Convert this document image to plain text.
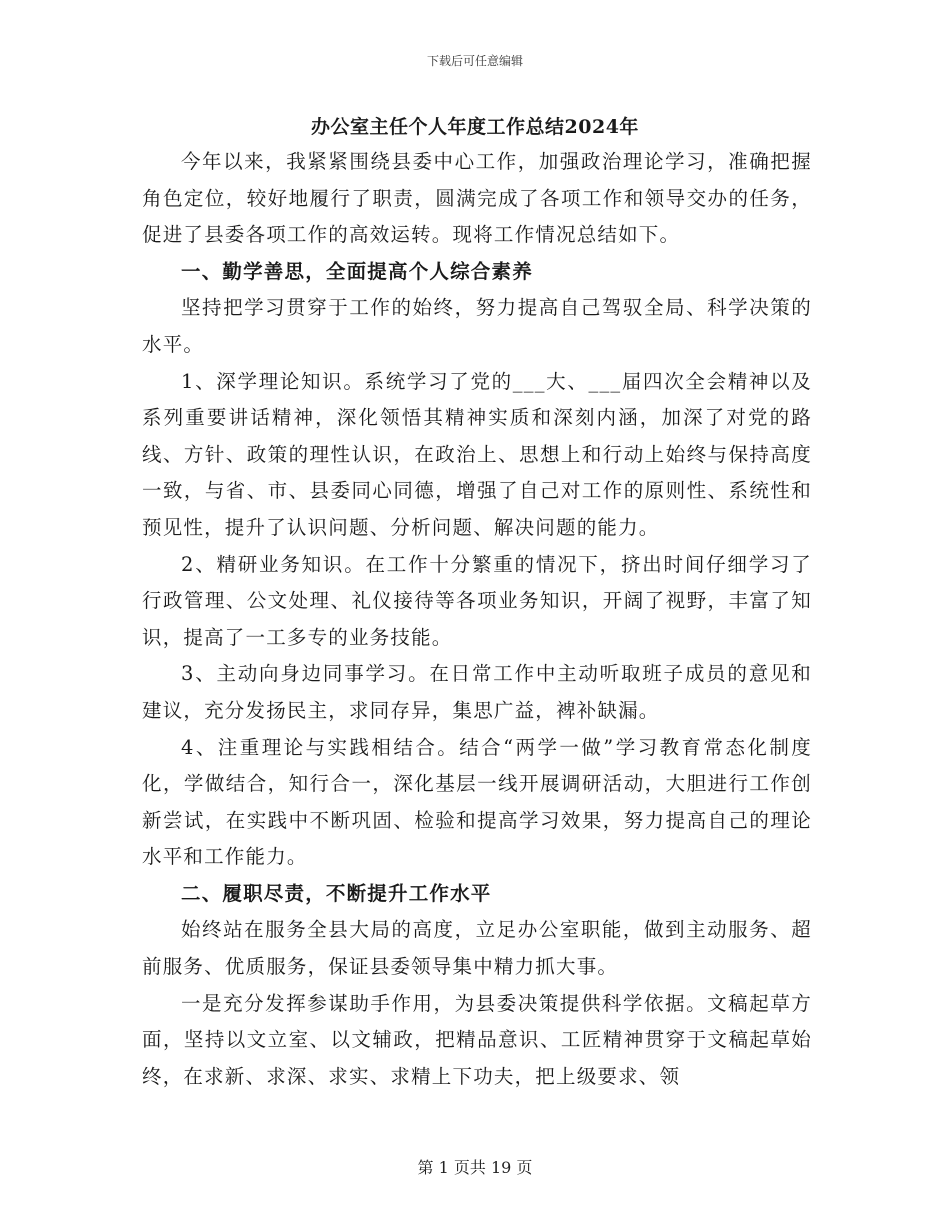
下载后可任意编辑
办公室主任个人年度工作总结2024年

今年以来，我紧紧围绕县委中心工作，加强政治理论学习，准确把握角色定位，较好地履行了职责，圆满完成了各项工作和领导交办的任务，促进了县委各项工作的高效运转。现将工作情况总结如下。

一、勤学善思，全面提高个人综合素养

坚持把学习贯穿于工作的始终，努力提高自己驾驭全局、科学决策的水平。

1、深学理论知识。系统学习了党的___大、___届四次全会精神以及系列重要讲话精神，深化领悟其精神实质和深刻内涵，加深了对党的路线、方针、政策的理性认识，在政治上、思想上和行动上始终与保持高度一致，与省、市、县委同心同德，增强了自己对工作的原则性、系统性和预见性，提升了认识问题、分析问题、解决问题的能力。

2、精研业务知识。在工作十分繁重的情况下，挤出时间仔细学习了行政管理、公文处理、礼仪接待等各项业务知识，开阔了视野，丰富了知识，提高了一工多专的业务技能。

3、主动向身边同事学习。在日常工作中主动听取班子成员的意见和建议，充分发扬民主，求同存异，集思广益，裨补缺漏。

4、注重理论与实践相结合。结合“两学一做”学习教育常态化制度化，学做结合，知行合一，深化基层一线开展调研活动，大胆进行工作创新尝试，在实践中不断巩固、检验和提高学习效果，努力提高自己的理论水平和工作能力。

二、履职尽责，不断提升工作水平

始终站在服务全县大局的高度，立足办公室职能，做到主动服务、超前服务、优质服务，保证县委领导集中精力抓大事。

一是充分发挥参谋助手作用，为县委决策提供科学依据。文稿起草方面，坚持以文立室、以文辅政，把精品意识、工匠精神贯穿于文稿起草始终，在求新、求深、求实、求精上下功夫，把上级要求、领

第 1 页共 19 页
